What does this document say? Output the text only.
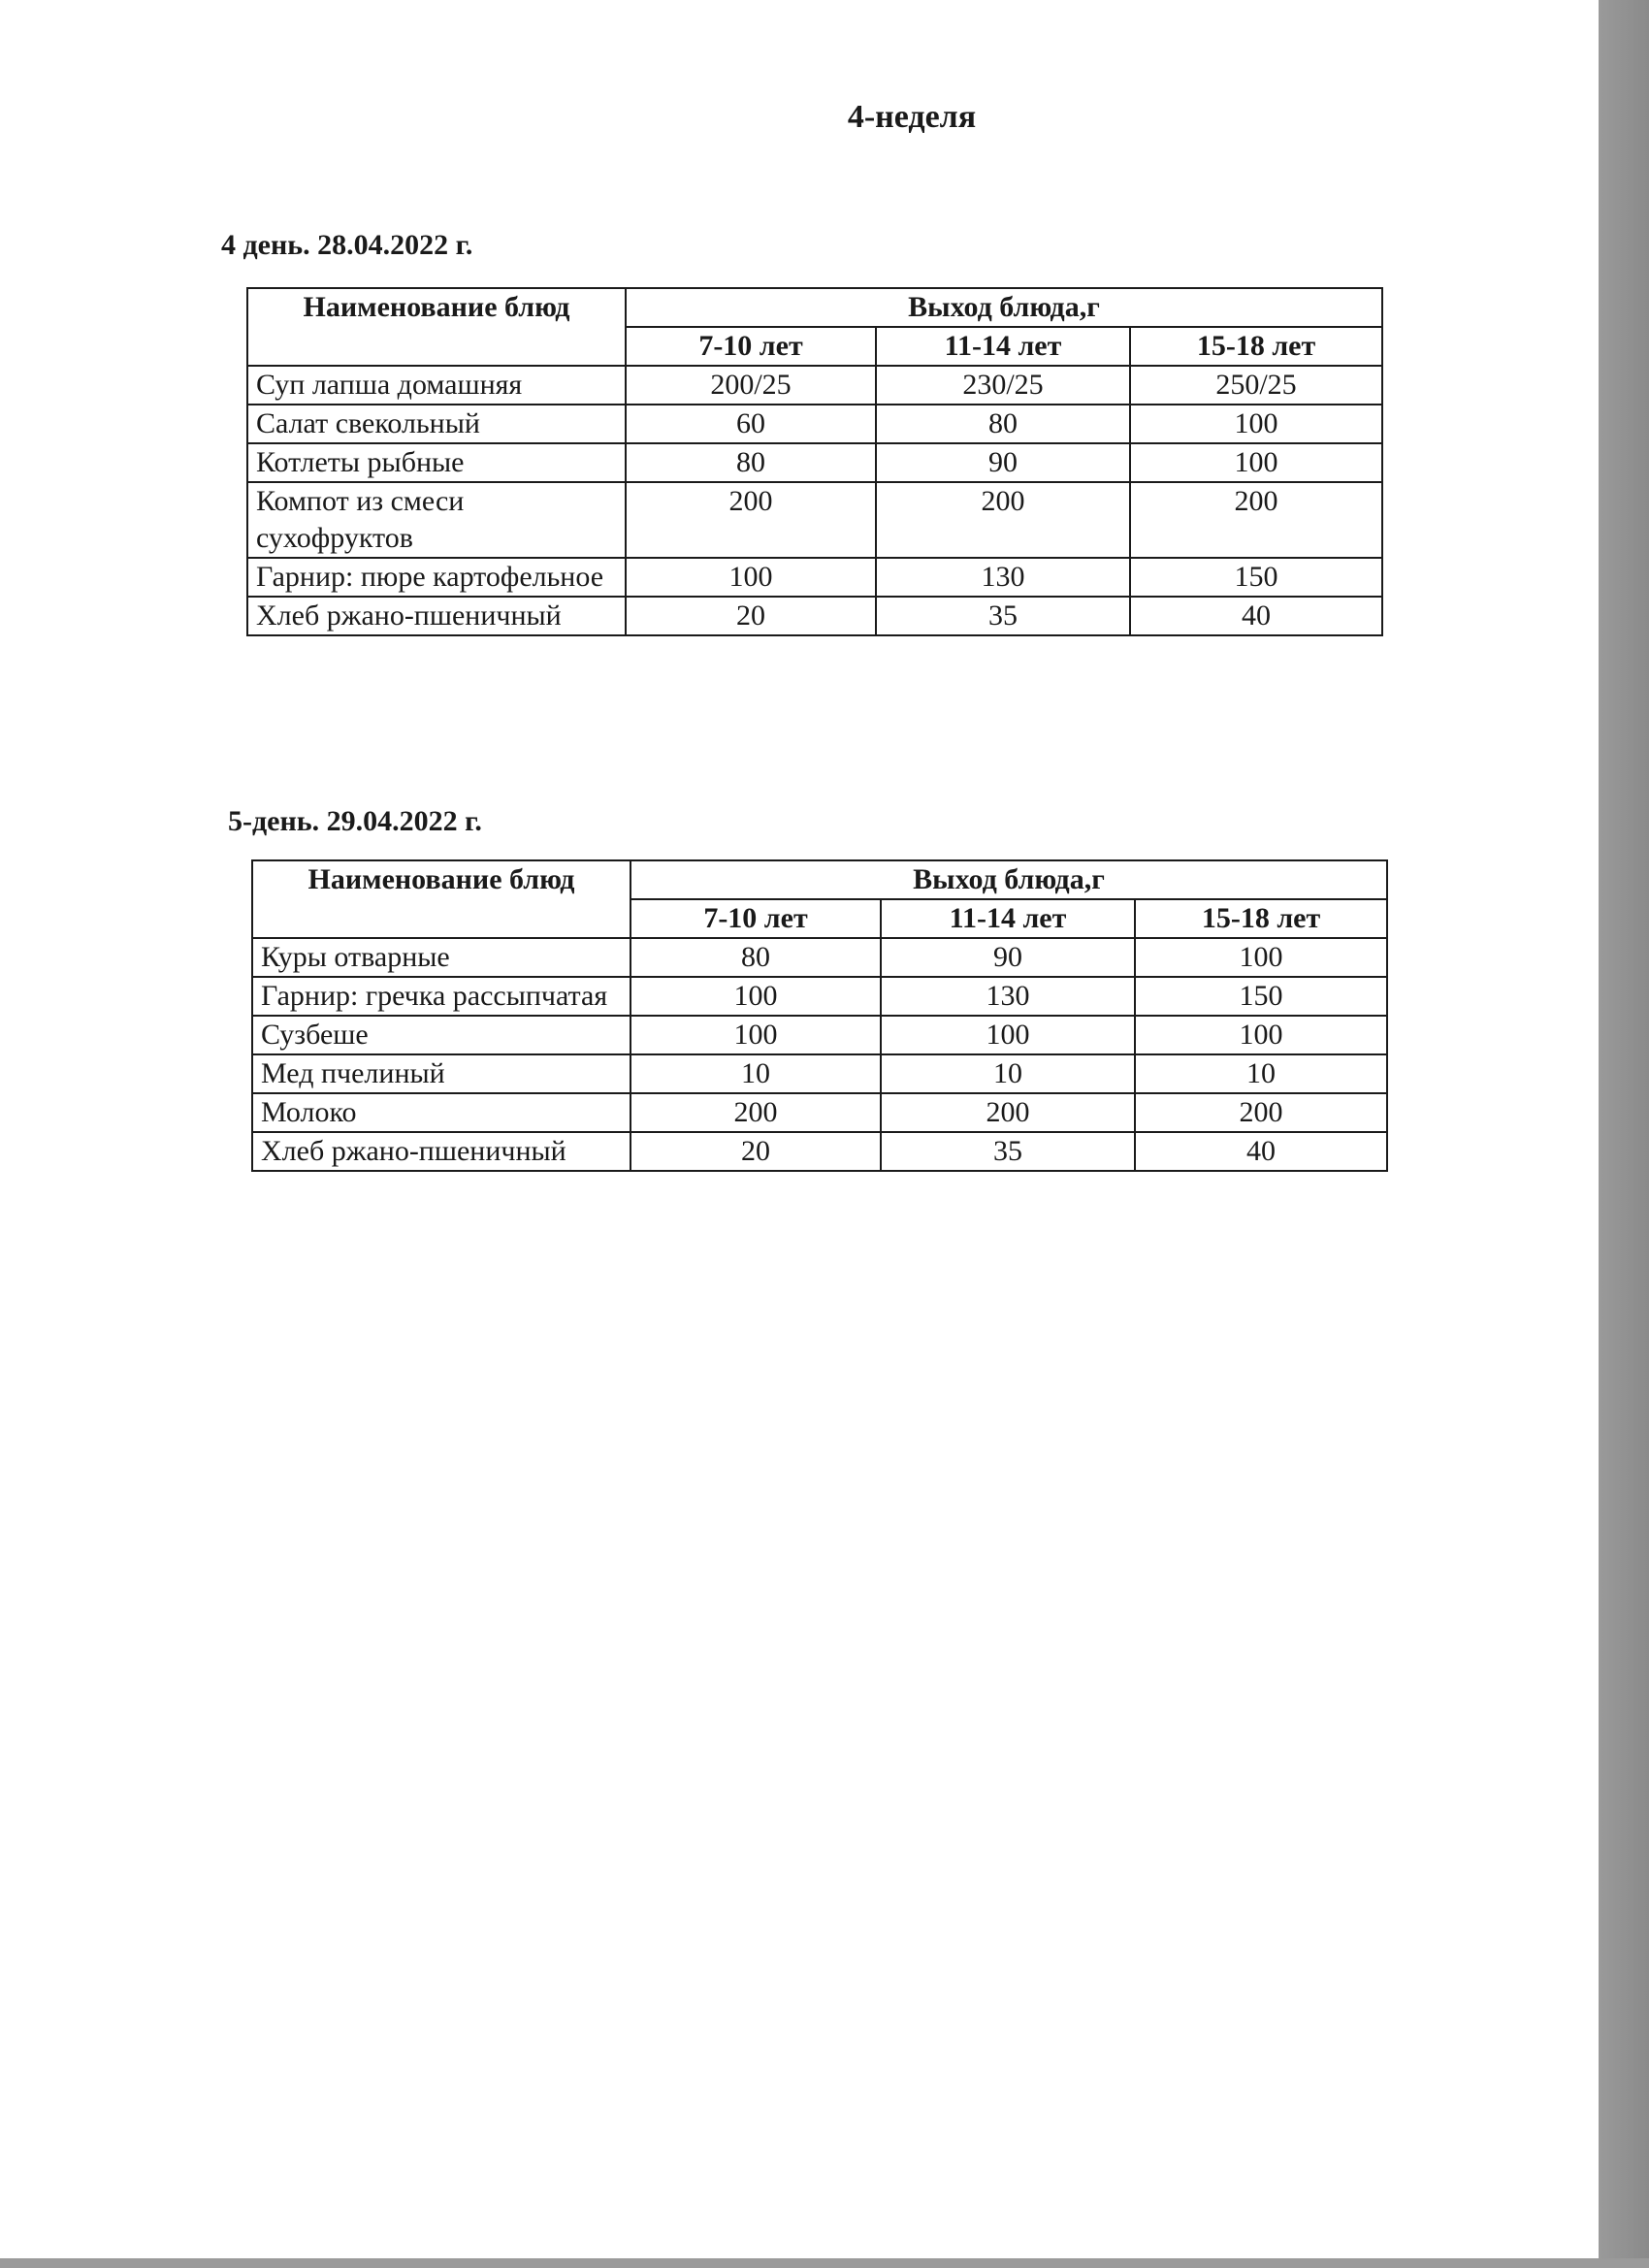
4-неделя
4 день. 28.04.2022 г.
Наименование блюд	Выход блюда,г		
	7-10 лет	11-14 лет	15-18 лет
Суп лапша домашняя	200/25	230/25	250/25
Салат свекольный	60	80	100
Котлеты рыбные	80	90	100
Компот из смеси сухофруктов	200	200	200
Гарнир: пюре картофельное	100	130	150
Хлеб ржано-пшеничный	20	35	40
5-день. 29.04.2022 г.
Наименование блюд	Выход блюда,г		
	7-10 лет	11-14 лет	15-18 лет
Куры отварные	80	90	100
Гарнир: гречка рассыпчатая	100	130	150
Сузбеше	100	100	100
Мед пчелиный	10	10	10
Молоко	200	200	200
Хлеб ржано-пшеничный	20	35	40
